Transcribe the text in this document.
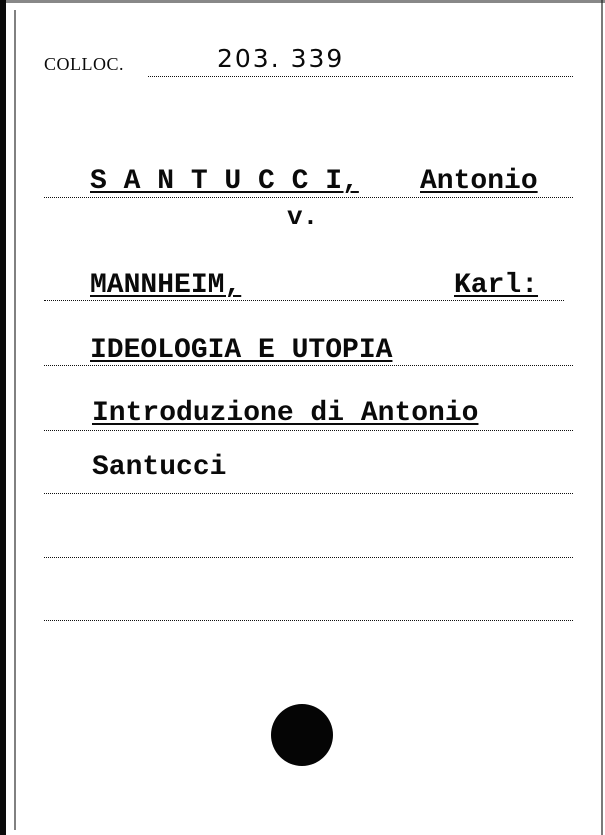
COLLOC.	203. 339
S A N T U C C I, Antonio
v.
MANNHEIM,	Karl:
IDEOLOGIA E UTOPIA
Introduzione di Antonio
Santucci
